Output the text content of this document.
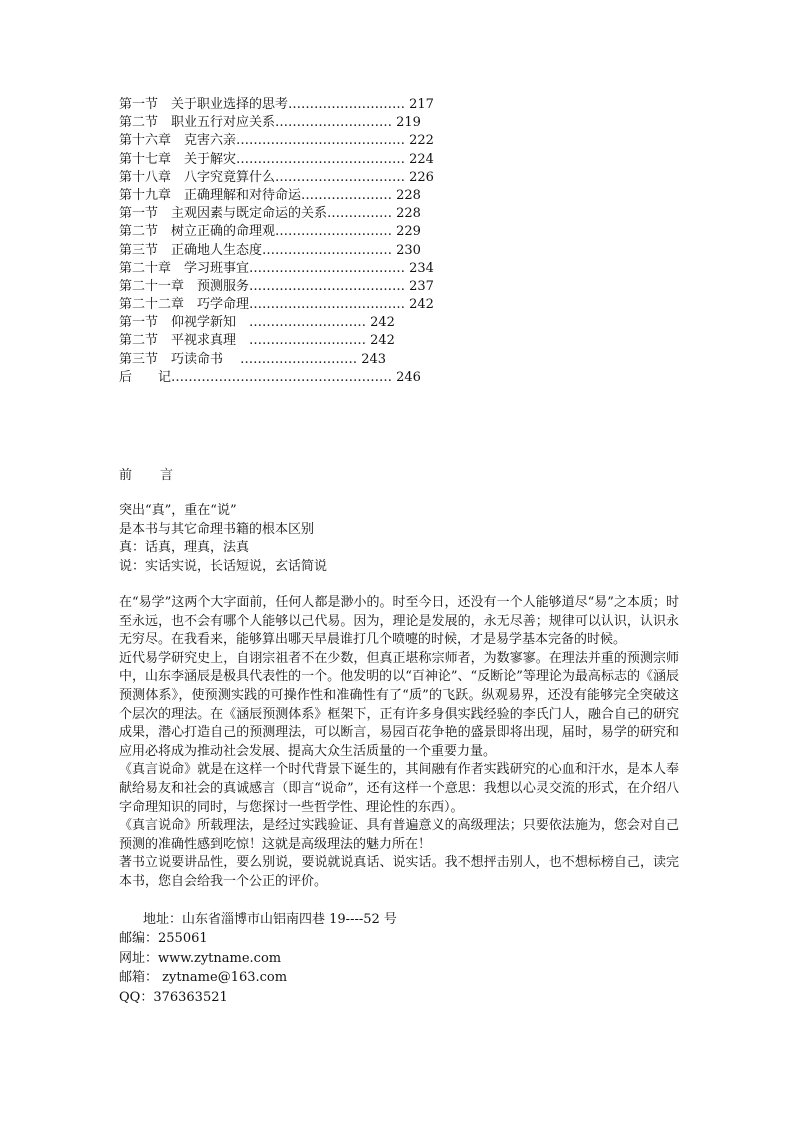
第一节　关于职业选择的思考……………………… 217
第二节　职业五行对应关系……………………… 219
第十六章　克害六亲………………………………… 222
第十七章　关于解灾………………………………… 224
第十八章　八字究竟算什么………………………… 226
第十九章　正确理解和对待命运………………… 228
第一节　主观因素与既定命运的关系…………… 228
第二节　树立正确的命理观……………………… 229
第三节　正确地人生态度………………………… 230
第二十章　学习班事宜……………………………… 234
第二十一章　预测服务……………………………… 237
第二十二章　巧学命理……………………………… 242
第一节　仰视学新知　……………………… 242
第二节　平视求真理　……………………… 242
第三节　巧读命书　 ……………………… 243
后　　记…………………………………………… 246
前 言
突出“真”，重在“说”
是本书与其它命理书籍的根本区别
真：话真，理真，法真
说：实话实说，长话短说，玄话简说

在“易学”这两个大字面前，任何人都是渺小的。时至今日，还没有一个人能够道尽“易”之本质；时至永远，也不会有哪个人能够以己代易。因为，理论是发展的，永无尽善；规律可以认识，认识永无穷尽。在我看来，能够算出哪天早晨谁打几个喷嚏的时候，才是易学基本完备的时候。

近代易学研究史上，自诩宗祖者不在少数，但真正堪称宗师者，为数寥寥。在理法并重的预测宗师中，山东李涵辰是极具代表性的一个。他发明的以“百神论”、“反断论”等理论为最高标志的《涵辰预测体系》，使预测实践的可操作性和准确性有了“质”的飞跃。纵观易界，还没有能够完全突破这个层次的理法。在《涵辰预测体系》框架下，正有许多身俱实践经验的李氏门人，融合自己的研究成果，潜心打造自己的预测理法，可以断言，易园百花争艳的盛景即将出现，届时，易学的研究和应用必将成为推动社会发展、提高大众生活质量的一个重要力量。

《真言说命》就是在这样一个时代背景下诞生的，其间融有作者实践研究的心血和汗水，是本人奉献给易友和社会的真诚感言（即言“说命”，还有这样一个意思：我想以心灵交流的形式，在介绍八字命理知识的同时，与您探讨一些哲学性、理论性的东西）。

《真言说命》所载理法，是经过实践验证、具有普遍意义的高级理法；只要依法施为，您会对自己预测的准确性感到吃惊！这就是高级理法的魅力所在！

著书立说要讲品性，要么别说，要说就说真话、说实话。我不想抨击别人，也不想标榜自己，读完本书，您自会给我一个公正的评价。

地址：山东省淄博市山铝南四巷 19----52 号
邮编：255061
网址：www.zytname.com
邮箱： zytname@163.com
QQ：376363521
